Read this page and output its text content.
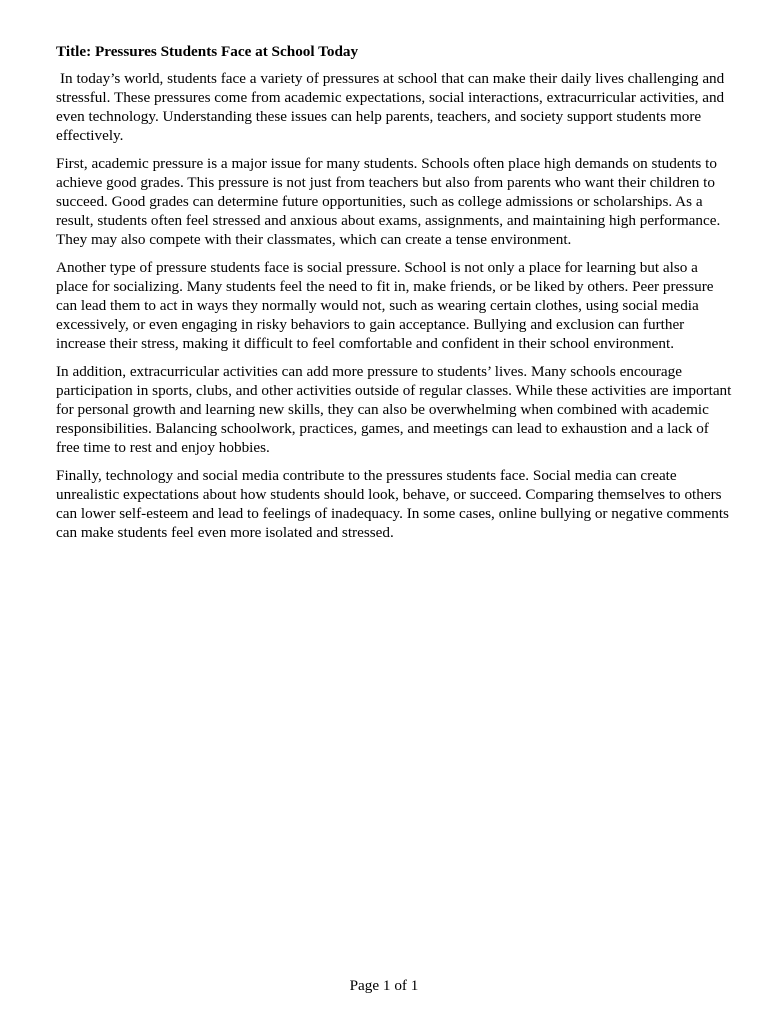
Title: Pressures Students Face at School Today

In today’s world, students face a variety of pressures at school that can make their daily lives challenging and stressful. These pressures come from academic expectations, social interactions, extracurricular activities, and even technology. Understanding these issues can help parents, teachers, and society support students more effectively.

First, academic pressure is a major issue for many students. Schools often place high demands on students to achieve good grades. This pressure is not just from teachers but also from parents who want their children to succeed. Good grades can determine future opportunities, such as college admissions or scholarships. As a result, students often feel stressed and anxious about exams, assignments, and maintaining high performance. They may also compete with their classmates, which can create a tense environment.

Another type of pressure students face is social pressure. School is not only a place for learning but also a place for socializing. Many students feel the need to fit in, make friends, or be liked by others. Peer pressure can lead them to act in ways they normally would not, such as wearing certain clothes, using social media excessively, or even engaging in risky behaviors to gain acceptance. Bullying and exclusion can further increase their stress, making it difficult to feel comfortable and confident in their school environment.

In addition, extracurricular activities can add more pressure to students’ lives. Many schools encourage participation in sports, clubs, and other activities outside of regular classes. While these activities are important for personal growth and learning new skills, they can also be overwhelming when combined with academic responsibilities. Balancing schoolwork, practices, games, and meetings can lead to exhaustion and a lack of free time to rest and enjoy hobbies.

Finally, technology and social media contribute to the pressures students face. Social media can create unrealistic expectations about how students should look, behave, or succeed. Comparing themselves to others can lower self-esteem and lead to feelings of inadequacy. In some cases, online bullying or negative comments can make students feel even more isolated and stressed.

Page 1 of 1
